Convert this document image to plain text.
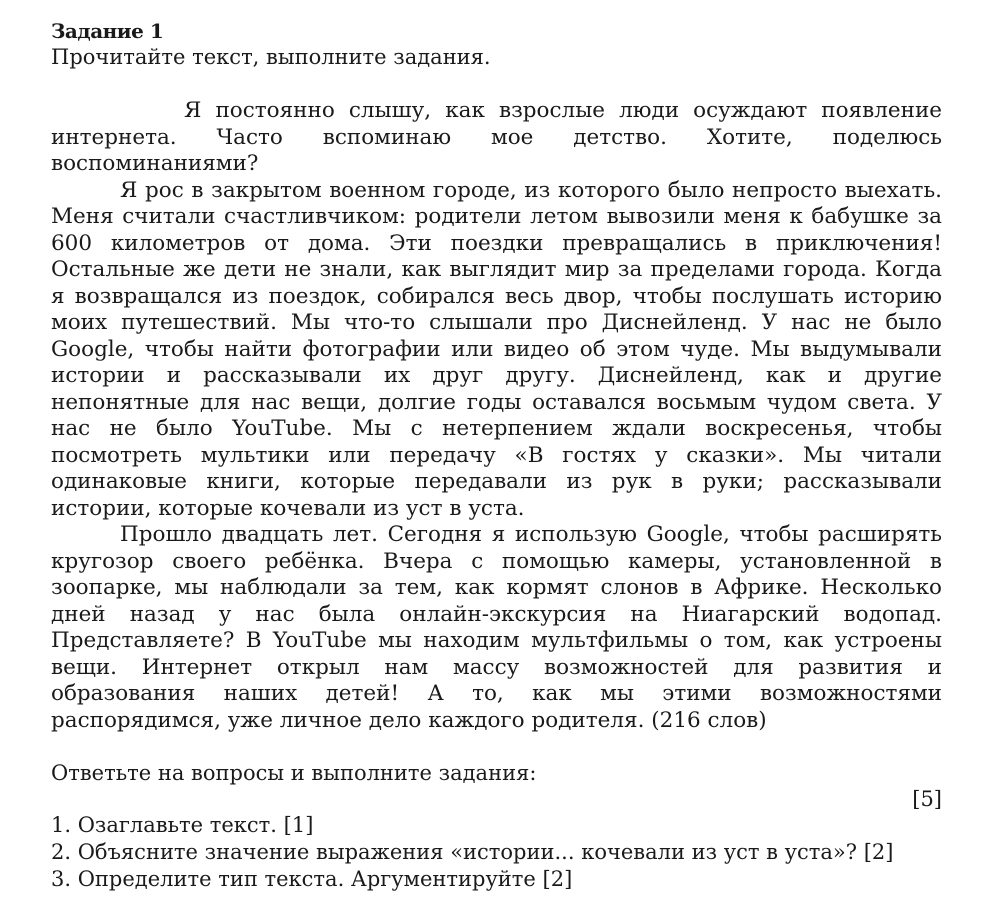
Задание 1
Прочитайте текст, выполните задания.

Я постоянно слышу, как взрослые люди осуждают появление интернета. Часто вспоминаю мое детство. Хотите, поделюсь воспоминаниями?

Я рос в закрытом военном городе, из которого было непросто выехать. Меня считали счастливчиком: родители летом вывозили меня к бабушке за 600 километров от дома. Эти поездки превращались в приключения! Остальные же дети не знали, как выглядит мир за пределами города. Когда я возвращался из поездок, собирался весь двор, чтобы послушать историю моих путешествий. Мы что-то слышали про Диснейленд. У нас не было Google, чтобы найти фотографии или видео об этом чуде. Мы выдумывали истории и рассказывали их друг другу. Диснейленд, как и другие непонятные для нас вещи, долгие годы оставался восьмым чудом света. У нас не было YouTube. Мы с нетерпением ждали воскресенья, чтобы посмотреть мультики или передачу «В гостях у сказки». Мы читали одинаковые книги, которые передавали из рук в руки; рассказывали истории, которые кочевали из уст в уста.

Прошло двадцать лет. Сегодня я использую Google, чтобы расширять кругозор своего ребёнка. Вчера с помощью камеры, установленной в зоопарке, мы наблюдали за тем, как кормят слонов в Африке. Несколько дней назад у нас была онлайн-экскурсия на Ниагарский водопад. Представляете? В YouTube мы находим мультфильмы о том, как устроены вещи. Интернет открыл нам массу возможностей для развития и образования наших детей! А то, как мы этими возможностями распорядимся, уже личное дело каждого родителя. (216 слов)

Ответьте на вопросы и выполните задания:
[5]
1. Озаглавьте текст. [1]
2. Объясните значение выражения «истории... кочевали из уст в уста»? [2]
3. Определите тип текста. Аргументируйте [2]
